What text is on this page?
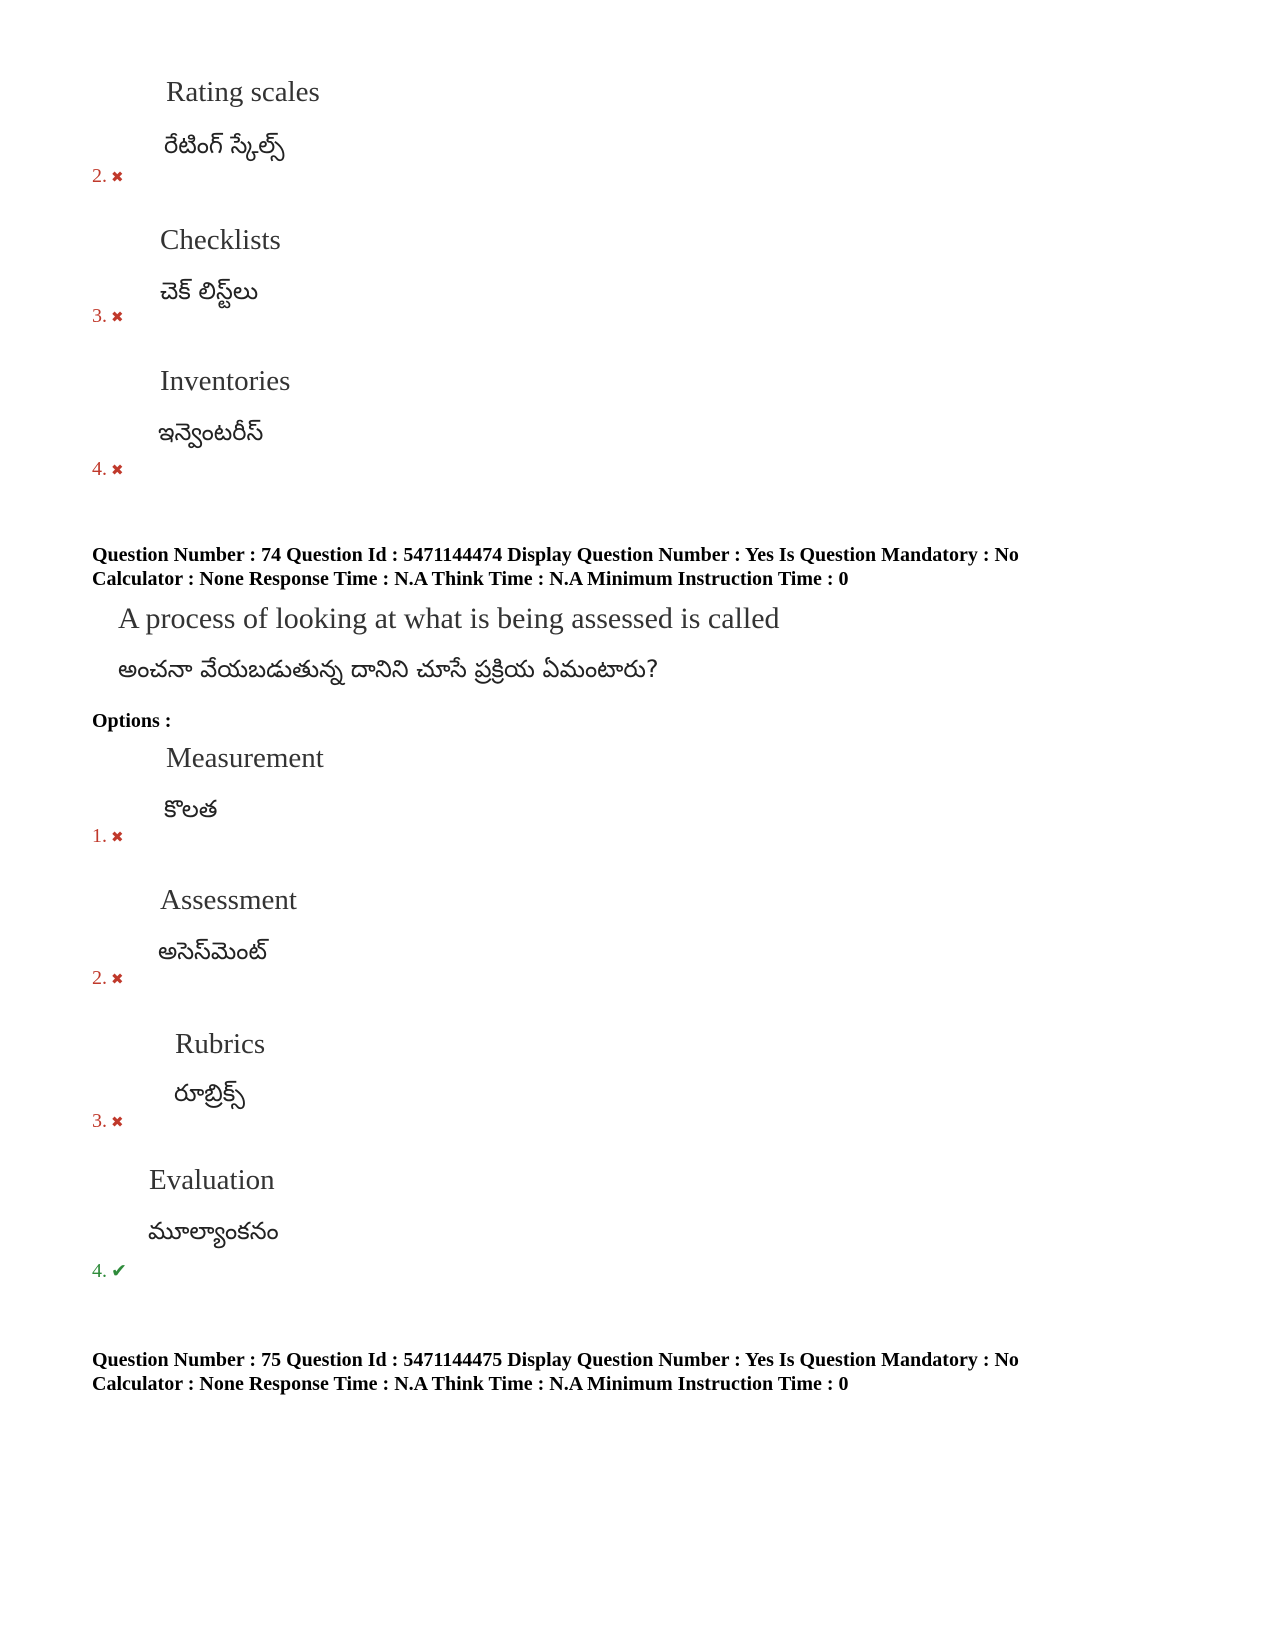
Rating scales
రేటింగ్ స్కేల్స్
2. ✖
Checklists
చెక్ లిస్ట్‌లు
3. ✖
Inventories
ఇన్వెంటరీస్
4. ✖
Question Number : 74 Question Id : 5471144474 Display Question Number : Yes Is Question Mandatory : No
Calculator : None Response Time : N.A Think Time : N.A Minimum Instruction Time : 0
A process of looking at what is being assessed is called
అంచనా వేయబడుతున్న దానిని చూసే ప్రక్రియ ఏమంటారు?
Options :
Measurement
కొలత
1. ✖
Assessment
అసెస్‌మెంట్
2. ✖
Rubrics
రూబ్రిక్స్
3. ✖
Evaluation
మూల్యాంకనం
4. ✔
Question Number : 75 Question Id : 5471144475 Display Question Number : Yes Is Question Mandatory : No
Calculator : None Response Time : N.A Think Time : N.A Minimum Instruction Time : 0
